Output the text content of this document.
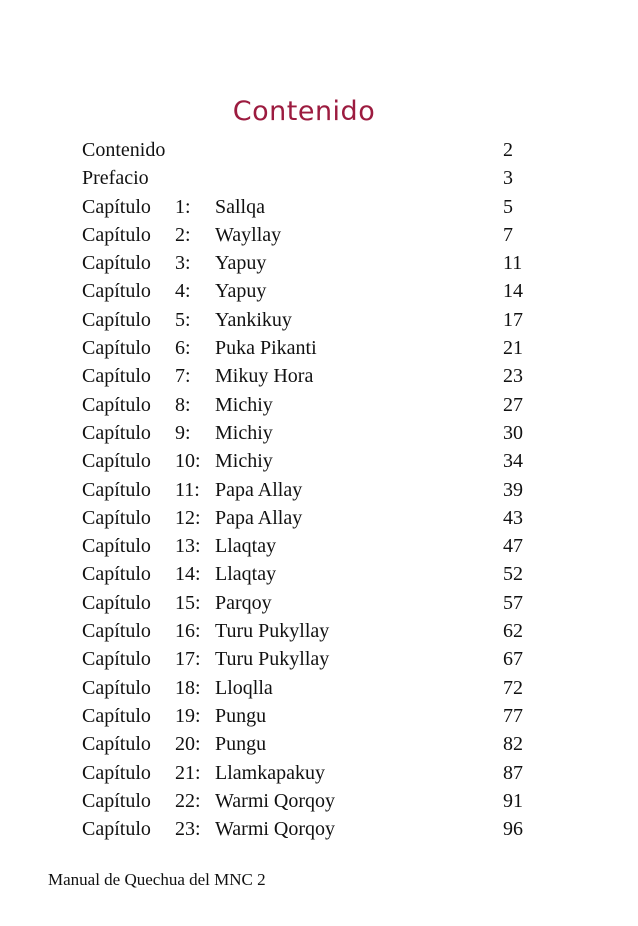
Contenido
Contenido	2
Prefacio	3
Capítulo 1: Sallqa	5
Capítulo 2: Wayllay	7
Capítulo 3: Yapuy	11
Capítulo 4: Yapuy	14
Capítulo 5: Yankikuy	17
Capítulo 6: Puka Pikanti	21
Capítulo 7: Mikuy Hora	23
Capítulo 8: Michiy	27
Capítulo 9: Michiy	30
Capítulo 10: Michiy	34
Capítulo 11: Papa Allay	39
Capítulo 12: Papa Allay	43
Capítulo 13: Llaqtay	47
Capítulo 14: Llaqtay	52
Capítulo 15: Parqoy	57
Capítulo 16: Turu Pukyllay	62
Capítulo 17: Turu Pukyllay	67
Capítulo 18: Lloqlla	72
Capítulo 19: Pungu	77
Capítulo 20: Pungu	82
Capítulo 21: Llamkapakuy	87
Capítulo 22: Warmi Qorqoy	91
Capítulo 23: Warmi Qorqoy	96
Manual de Quechua del MNC 2
